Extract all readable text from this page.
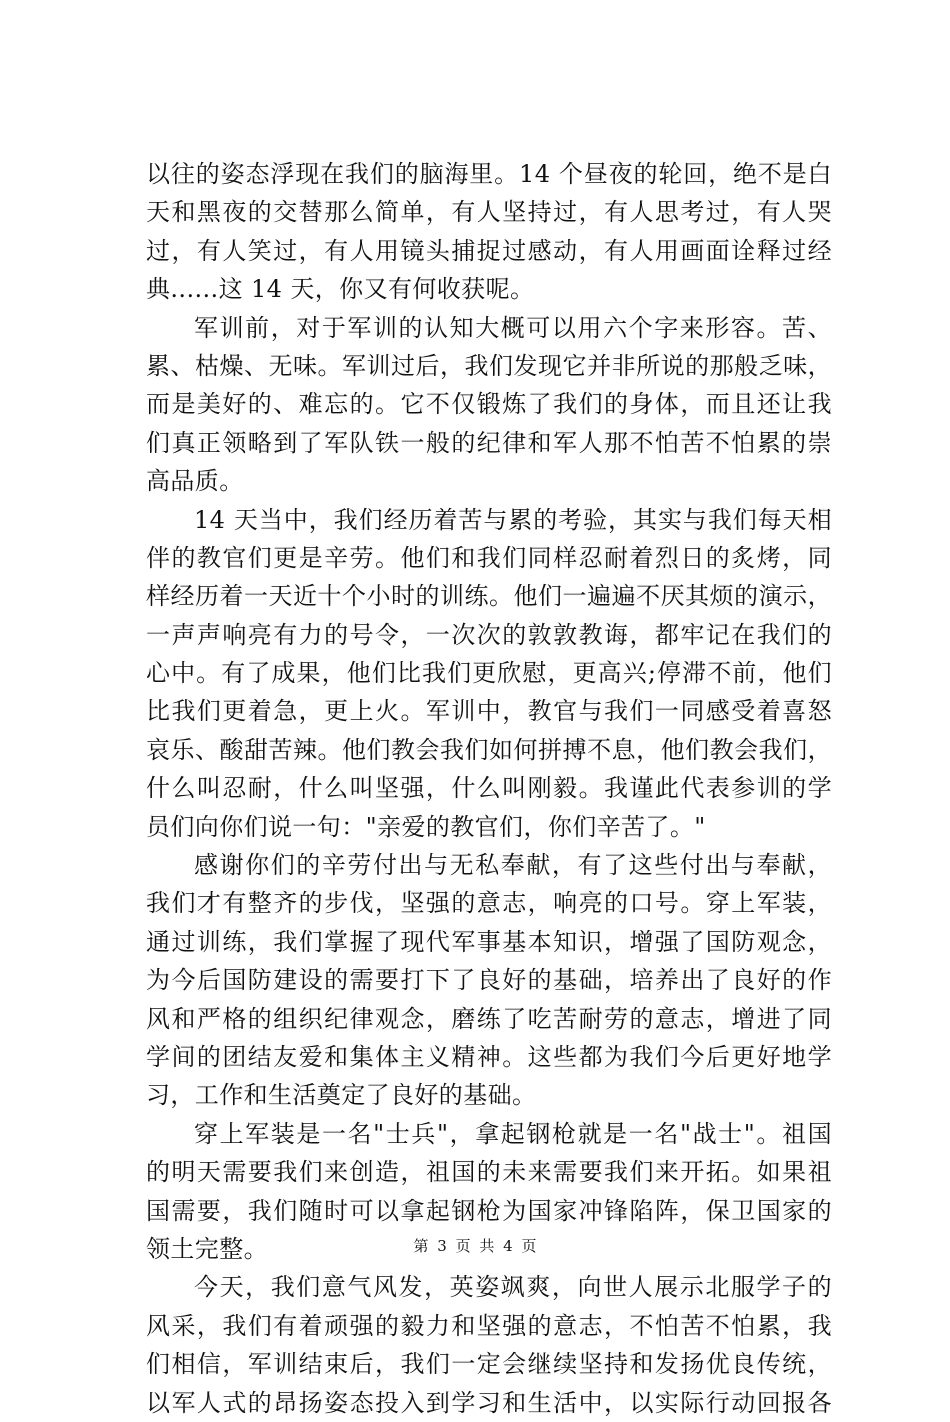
以往的姿态浮现在我们的脑海里。14 个昼夜的轮回，绝不是白
天和黑夜的交替那么简单，有人坚持过，有人思考过，有人哭
过，有人笑过，有人用镜头捕捉过感动，有人用画面诠释过经
典......这 14 天，你又有何收获呢。
军训前，对于军训的认知大概可以用六个字来形容。苦、
累、枯燥、无味。军训过后，我们发现它并非所说的那般乏味，
而是美好的、难忘的。它不仅锻炼了我们的身体，而且还让我
们真正领略到了军队铁一般的纪律和军人那不怕苦不怕累的崇
高品质。
14 天当中，我们经历着苦与累的考验，其实与我们每天相
伴的教官们更是辛劳。他们和我们同样忍耐着烈日的炙烤，同
样经历着一天近十个小时的训练。他们一遍遍不厌其烦的演示，
一声声响亮有力的号令，一次次的敦敦教诲，都牢记在我们的
心中。有了成果，他们比我们更欣慰，更高兴;停滞不前，他们
比我们更着急，更上火。军训中，教官与我们一同感受着喜怒
哀乐、酸甜苦辣。他们教会我们如何拼搏不息，他们教会我们，
什么叫忍耐，什么叫坚强，什么叫刚毅。我谨此代表参训的学
员们向你们说一句："亲爱的教官们，你们辛苦了。"
感谢你们的辛劳付出与无私奉献，有了这些付出与奉献，
我们才有整齐的步伐，坚强的意志，响亮的口号。穿上军装，
通过训练，我们掌握了现代军事基本知识，增强了国防观念，
为今后国防建设的需要打下了良好的基础，培养出了良好的作
风和严格的组织纪律观念，磨练了吃苦耐劳的意志，增进了同
学间的团结友爱和集体主义精神。这些都为我们今后更好地学
习，工作和生活奠定了良好的基础。
穿上军装是一名"士兵"，拿起钢枪就是一名"战士"。祖国
的明天需要我们来创造，祖国的未来需要我们来开拓。如果祖
国需要，我们随时可以拿起钢枪为国家冲锋陷阵，保卫国家的
领土完整。
今天，我们意气风发，英姿飒爽，向世人展示北服学子的
风采，我们有着顽强的毅力和坚强的意志，不怕苦不怕累，我
们相信，军训结束后，我们一定会继续坚持和发扬优良传统，
以军人式的昂扬姿态投入到学习和生活中，以实际行动回报各
第 3 页 共 4 页
